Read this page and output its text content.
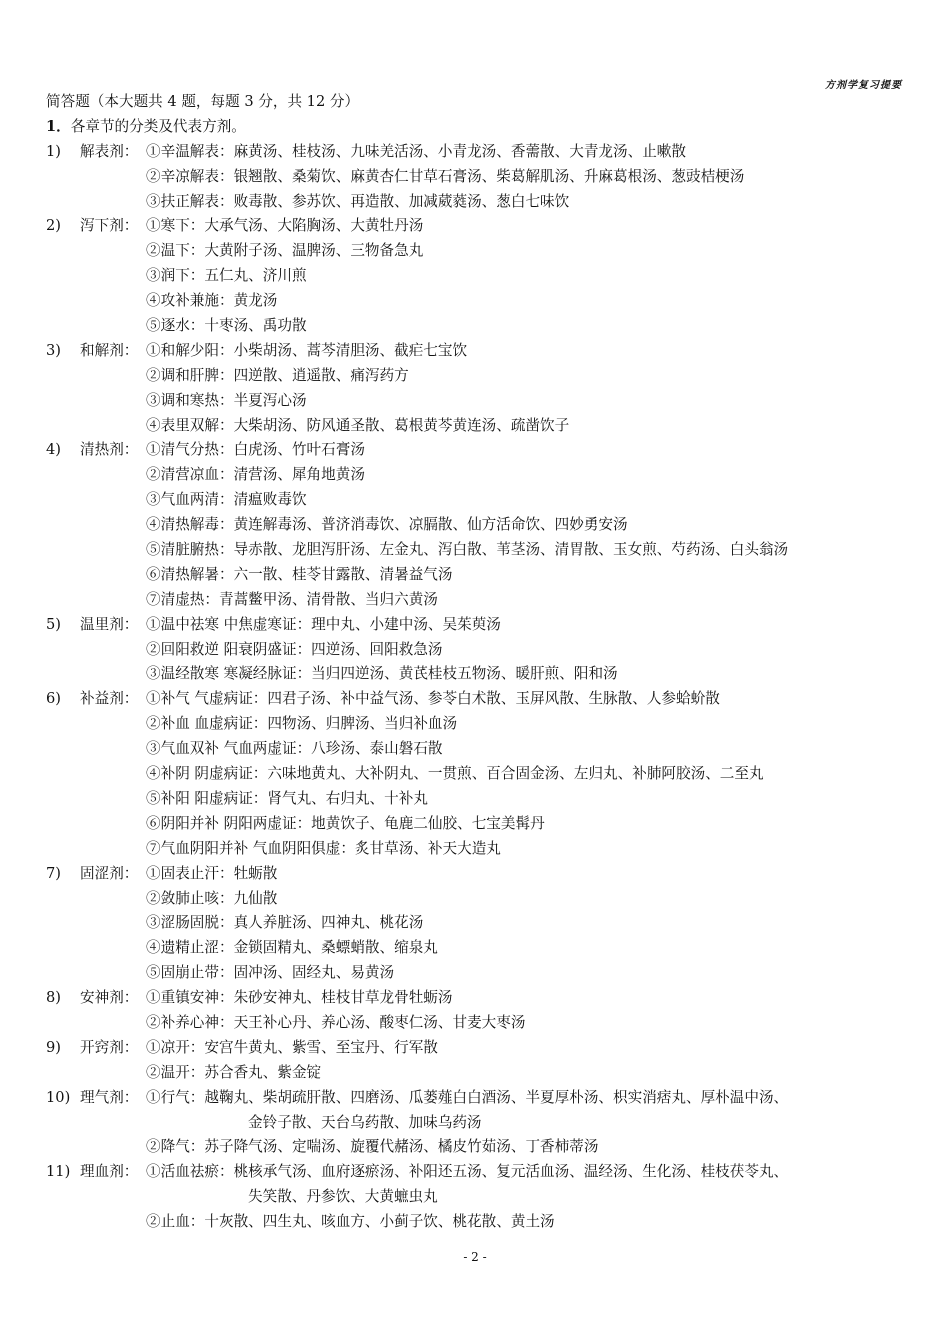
方剂学复习提要
简答题（本大题共 4 题，每题 3 分，共 12 分）
1．各章节的分类及代表方剂。
1) 解表剂： ①辛温解表：麻黄汤、桂枝汤、九味羌活汤、小青龙汤、香薷散、大青龙汤、止嗽散
②辛凉解表：银翘散、桑菊饮、麻黄杏仁甘草石膏汤、柴葛解肌汤、升麻葛根汤、葱豉桔梗汤
③扶正解表：败毒散、参苏饮、再造散、加减葳蕤汤、葱白七味饮
2) 泻下剂： ①寒下：大承气汤、大陷胸汤、大黄牡丹汤
②温下：大黄附子汤、温脾汤、三物备急丸
③润下：五仁丸、济川煎
④攻补兼施：黄龙汤
⑤逐水：十枣汤、禹功散
3) 和解剂： ①和解少阳：小柴胡汤、蒿芩清胆汤、截疟七宝饮
②调和肝脾：四逆散、逍遥散、痛泻药方
③调和寒热：半夏泻心汤
④表里双解：大柴胡汤、防风通圣散、葛根黄芩黄连汤、疏凿饮子
4) 清热剂： ①清气分热：白虎汤、竹叶石膏汤
②清营凉血：清营汤、犀角地黄汤
③气血两清：清瘟败毒饮
④清热解毒：黄连解毒汤、普济消毒饮、凉膈散、仙方活命饮、四妙勇安汤
⑤清脏腑热：导赤散、龙胆泻肝汤、左金丸、泻白散、苇茎汤、清胃散、玉女煎、芍药汤、白头翁汤
⑥清热解暑：六一散、桂苓甘露散、清暑益气汤
⑦清虚热：青蒿鳖甲汤、清骨散、当归六黄汤
5) 温里剂： ①温中祛寒 中焦虚寒证：理中丸、小建中汤、吴茱萸汤
②回阳救逆 阳衰阴盛证：四逆汤、回阳救急汤
③温经散寒 寒凝经脉证：当归四逆汤、黄芪桂枝五物汤、暖肝煎、阳和汤
6) 补益剂： ①补气 气虚病证：四君子汤、补中益气汤、参苓白术散、玉屏风散、生脉散、人参蛤蚧散
②补血 血虚病证：四物汤、归脾汤、当归补血汤
③气血双补 气血两虚证：八珍汤、泰山磐石散
④补阴 阴虚病证：六味地黄丸、大补阴丸、一贯煎、百合固金汤、左归丸、补肺阿胶汤、二至丸
⑤补阳 阳虚病证：肾气丸、右归丸、十补丸
⑥阴阳并补 阴阳两虚证：地黄饮子、龟鹿二仙胶、七宝美髯丹
⑦气血阴阳并补 气血阴阳俱虚：炙甘草汤、补天大造丸
7) 固涩剂： ①固表止汗：牡蛎散
②敛肺止咳：九仙散
③涩肠固脱：真人养脏汤、四神丸、桃花汤
④遗精止涩：金锁固精丸、桑螵蛸散、缩泉丸
⑤固崩止带：固冲汤、固经丸、易黄汤
8) 安神剂： ①重镇安神：朱砂安神丸、桂枝甘草龙骨牡蛎汤
②补养心神：天王补心丹、养心汤、酸枣仁汤、甘麦大枣汤
9) 开窍剂： ①凉开：安宫牛黄丸、紫雪、至宝丹、行军散
②温开：苏合香丸、紫金锭
10) 理气剂： ①行气：越鞠丸、柴胡疏肝散、四磨汤、瓜蒌薤白白酒汤、半夏厚朴汤、枳实消痞丸、厚朴温中汤、
金铃子散、天台乌药散、加味乌药汤
②降气：苏子降气汤、定喘汤、旋覆代赭汤、橘皮竹茹汤、丁香柿蒂汤
11) 理血剂： ①活血祛瘀：桃核承气汤、血府逐瘀汤、补阳还五汤、复元活血汤、温经汤、生化汤、桂枝茯苓丸、
失笑散、丹参饮、大黄蟅虫丸
②止血：十灰散、四生丸、咳血方、小蓟子饮、桃花散、黄土汤
- 2 -
